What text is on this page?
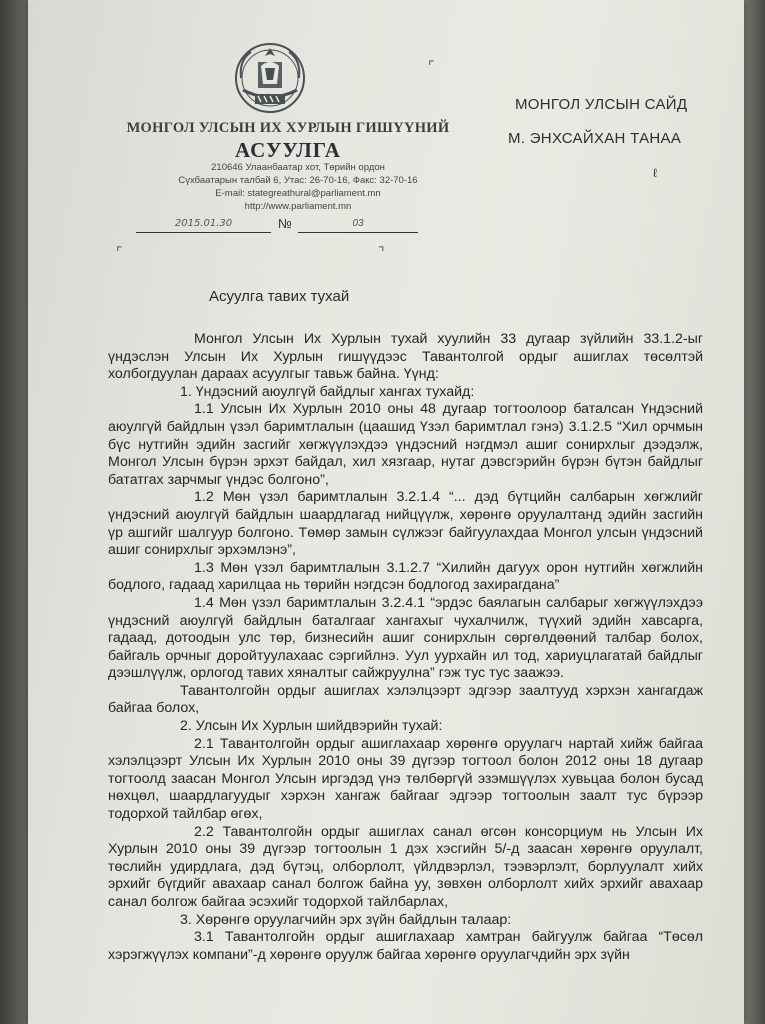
МОНГОЛ УЛСЫН ИХ ХУРЛЫН ГИШҮҮНИЙ
АСУУЛГА
210646 Улаанбаатар хот, Төрийн ордон
Сүхбаатарын талбай 6, Утас: 26-70-16, Факс: 32-70-16
E-mail: stategreathural@parliament.mn
http://www.parliament.mn
2015.01.30	№	03
⌜
⌜	⌝
МОНГОЛ УЛСЫН САЙД
М. ЭНХСАЙХАН ТАНАА
ℓ
Асуулга тавих тухай

Монгол Улсын Их Хурлын тухай хуулийн 33 дугаар зүйлийн 33.1.2-ыг үндэслэн Улсын Их Хурлын гишүүдээс Тавантолгой ордыг ашиглах төсөлтэй холбогдуулан дараах асуулгыг тавьж байна. Үүнд:

1. Үндэсний аюулгүй байдлыг хангах тухайд:

1.1 Улсын Их Хурлын 2010 оны 48 дугаар тогтоолоор баталсан Үндэсний аюулгүй байдлын үзэл баримтлалын (цаашид Үзэл баримтлал гэнэ) 3.1.2.5 “Хил орчмын бүс нутгийн эдийн засгийг хөгжүүлэхдээ үндэсний нэгдмэл ашиг сонирхлыг дээдэлж, Монгол Улсын бүрэн эрхэт байдал, хил хязгаар, нутаг дэвсгэрийн бүрэн бүтэн байдлыг бататгах зарчмыг үндэс болгоно”,

1.2 Мөн үзэл баримтлалын 3.2.1.4 “... дэд бүтцийн салбарын хөгжлийг үндэсний аюулгүй байдлын шаардлагад нийцүүлж, хөрөнгө оруулалтанд эдийн засгийн үр ашгийг шалгуур болгоно. Төмөр замын сүлжээг байгуулахдаа Монгол улсын үндэсний ашиг сонирхлыг эрхэмлэнэ”,

1.3 Мөн үзэл баримтлалын 3.1.2.7 “Хилийн дагуух орон нутгийн хөгжлийн бодлого, гадаад харилцаа нь төрийн нэгдсэн бодлогод захирагдана”

1.4 Мөн үзэл баримтлалын 3.2.4.1 “эрдэс баялагын салбарыг хөгжүүлэхдээ үндэсний аюулгүй байдлын баталгааг хангахыг чухалчилж, түүхий эдийн хавсарга, гадаад, дотоодын улс төр, бизнесийн ашиг сонирхлын сөргөлдөөний талбар болох, байгаль орчныг доройтуулахаас сэргийлнэ. Уул уурхайн ил тод, хариуцлагатай байдлыг дээшлүүлж, орлогод тавих хяналтыг сайжруулна” гэж тус тус заажээ.

Тавантолгойн ордыг ашиглах хэлэлцээрт эдгээр заалтууд хэрхэн хангагдаж байгаа болох,

2. Улсын Их Хурлын шийдвэрийн тухай:

2.1 Тавантолгойн ордыг ашиглахаар хөрөнгө оруулагч нартай хийж байгаа хэлэлцээрт Улсын Их Хурлын 2010 оны 39 дүгээр тогтоол болон 2012 оны 18 дугаар тогтоолд заасан Монгол Улсын иргэдэд үнэ төлбөргүй эзэмшүүлэх хувьцаа болон бусад нөхцөл, шаардлагуудыг хэрхэн хангаж байгааг эдгээр тогтоолын заалт тус бүрээр тодорхой тайлбар өгөх,

2.2 Тавантолгойн ордыг ашиглах санал өгсөн консорциум нь Улсын Их Хурлын 2010 оны 39 дүгээр тогтоолын 1 дэх хэсгийн 5/-д заасан хөрөнгө оруулалт, төслийн удирдлага, дэд бүтэц, олборлолт, үйлдвэрлэл, тээвэрлэлт, борлуулалт хийх эрхийг бүгдийг авахаар санал болгож байна уу, зөвхөн олборлолт хийх эрхийг авахаар санал болгож байгаа эсэхийг тодорхой тайлбарлах,

3. Хөрөнгө оруулагчийн эрх зүйн байдлын талаар:

3.1 Тавантолгойн ордыг ашиглахаар хамтран байгуулж байгаа “Төсөл хэрэгжүүлэх компани”-д хөрөнгө оруулж байгаа хөрөнгө оруулагчдийн эрх зүйн
